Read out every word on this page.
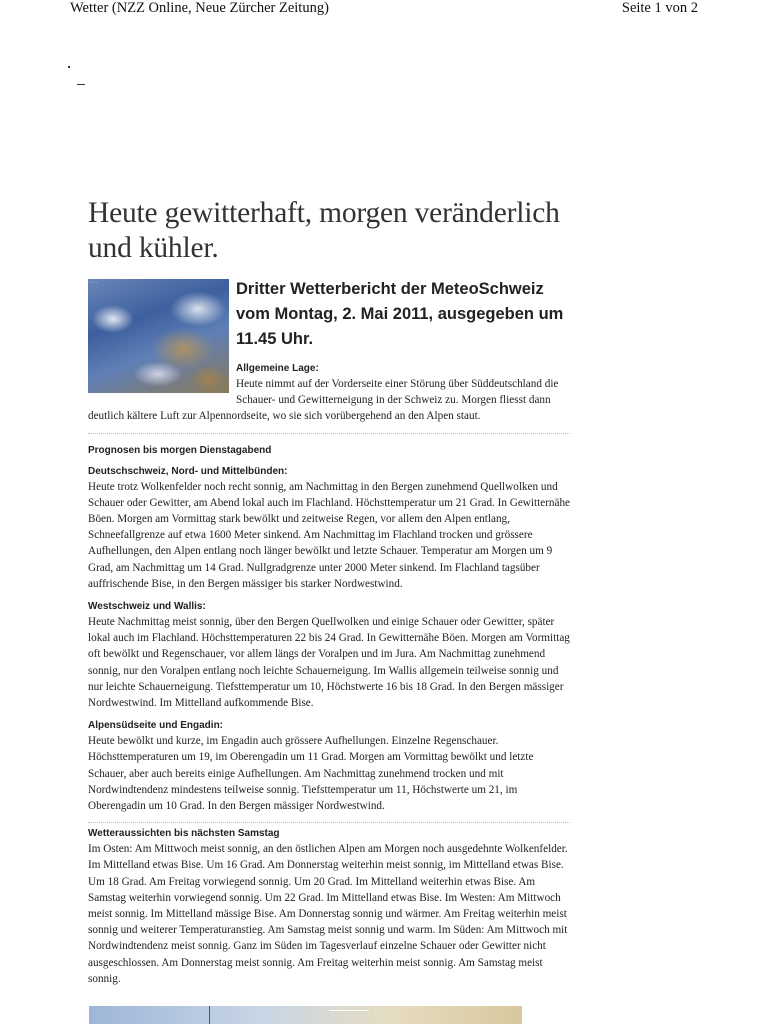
Wetter (NZZ Online, Neue Zürcher Zeitung)	Seite 1 von 2
Heute gewitterhaft, morgen veränderlich und kühler.
· · ·	Dritter Wetterbericht der MeteoSchweiz vom Montag, 2. Mai 2011, ausgegeben um 11.45 Uhr.
Allgemeine Lage:

Heute nimmt auf der Vorderseite einer Störung über Süddeutschland die Schauer- und Gewitterneigung in der Schweiz zu. Morgen fliesst dann deutlich kältere Luft zur Alpennordseite, wo sie sich vorübergehend an den Alpen staut.

Prognosen bis morgen Dienstagabend
Deutschschweiz, Nord- und Mittelbünden:

Heute trotz Wolkenfelder noch recht sonnig, am Nachmittag in den Bergen zunehmend Quellwolken und Schauer oder Gewitter, am Abend lokal auch im Flachland. Höchsttemperatur um 21 Grad. In Gewitternähe Böen. Morgen am Vormittag stark bewölkt und zeitweise Regen, vor allem den Alpen entlang, Schneefallgrenze auf etwa 1600 Meter sinkend. Am Nachmittag im Flachland trocken und grössere Aufhellungen, den Alpen entlang noch länger bewölkt und letzte Schauer. Temperatur am Morgen um 9 Grad, am Nachmittag um 14 Grad. Nullgradgrenze unter 2000 Meter sinkend. Im Flachland tagsüber auffrischende Bise, in den Bergen mässiger bis starker Nordwestwind.

Westschweiz und Wallis:

Heute Nachmittag meist sonnig, über den Bergen Quellwolken und einige Schauer oder Gewitter, später lokal auch im Flachland. Höchsttemperaturen 22 bis 24 Grad. In Gewitternähe Böen. Morgen am Vormittag oft bewölkt und Regenschauer, vor allem längs der Voralpen und im Jura. Am Nachmittag zunehmend sonnig, nur den Voralpen entlang noch leichte Schauerneigung. Im Wallis allgemein teilweise sonnig und nur leichte Schauerneigung. Tiefsttemperatur um 10, Höchstwerte 16 bis 18 Grad. In den Bergen mässiger Nordwestwind. Im Mittelland aufkommende Bise.

Alpensüdseite und Engadin:

Heute bewölkt und kurze, im Engadin auch grössere Aufhellungen. Einzelne Regenschauer. Höchsttemperaturen um 19, im Oberengadin um 11 Grad. Morgen am Vormittag bewölkt und letzte Schauer, aber auch bereits einige Aufhellungen. Am Nachmittag zunehmend trocken und mit Nordwindtendenz mindestens teilweise sonnig. Tiefsttemperatur um 11, Höchstwerte um 21, im Oberengadin um 10 Grad. In den Bergen mässiger Nordwestwind.

Wetteraussichten bis nächsten Samstag

Im Osten: Am Mittwoch meist sonnig, an den östlichen Alpen am Morgen noch ausgedehnte Wolkenfelder. Im Mittelland etwas Bise. Um 16 Grad. Am Donnerstag weiterhin meist sonnig, im Mittelland etwas Bise. Um 18 Grad. Am Freitag vorwiegend sonnig. Um 20 Grad. Im Mittelland weiterhin etwas Bise. Am Samstag weiterhin vorwiegend sonnig. Um 22 Grad. Im Mittelland etwas Bise. Im Westen: Am Mittwoch meist sonnig. Im Mittelland mässige Bise. Am Donnerstag sonnig und wärmer. Am Freitag weiterhin meist sonnig und weiterer Temperaturanstieg. Am Samstag meist sonnig und warm. Im Süden: Am Mittwoch mit Nordwindtendenz meist sonnig. Ganz im Süden im Tagesverlauf einzelne Schauer oder Gewitter nicht ausgeschlossen. Am Donnerstag meist sonnig. Am Freitag weiterhin meist sonnig. Am Samstag meist sonnig.
